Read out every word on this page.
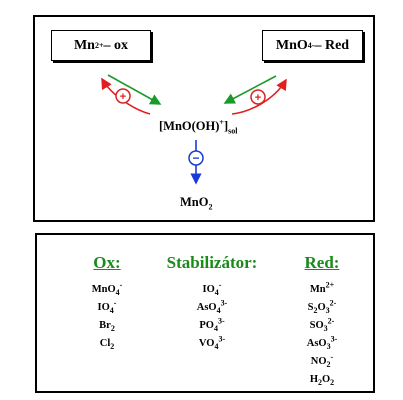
Mn 2+ – ox	MnO 4 - – Red
$[MnO(OH)^+]_{sol}$
MnO$_2$
+	+
−
Ox:
MnO$_4$-
$IO_4^-$
$Br_2$
$Cl_2$
Stabilizátor:
$IO_4^-$
AsO$_4^{3-}$
$PO_4^{3-}$
$VO_4^{3-}$
Red:
$Mn^{2+}$
$S_2O_3^{2-}$
$SO_3^{2-}$
AsO$_3^{3-}$
$NO_2^-$
$H_2O_2$
